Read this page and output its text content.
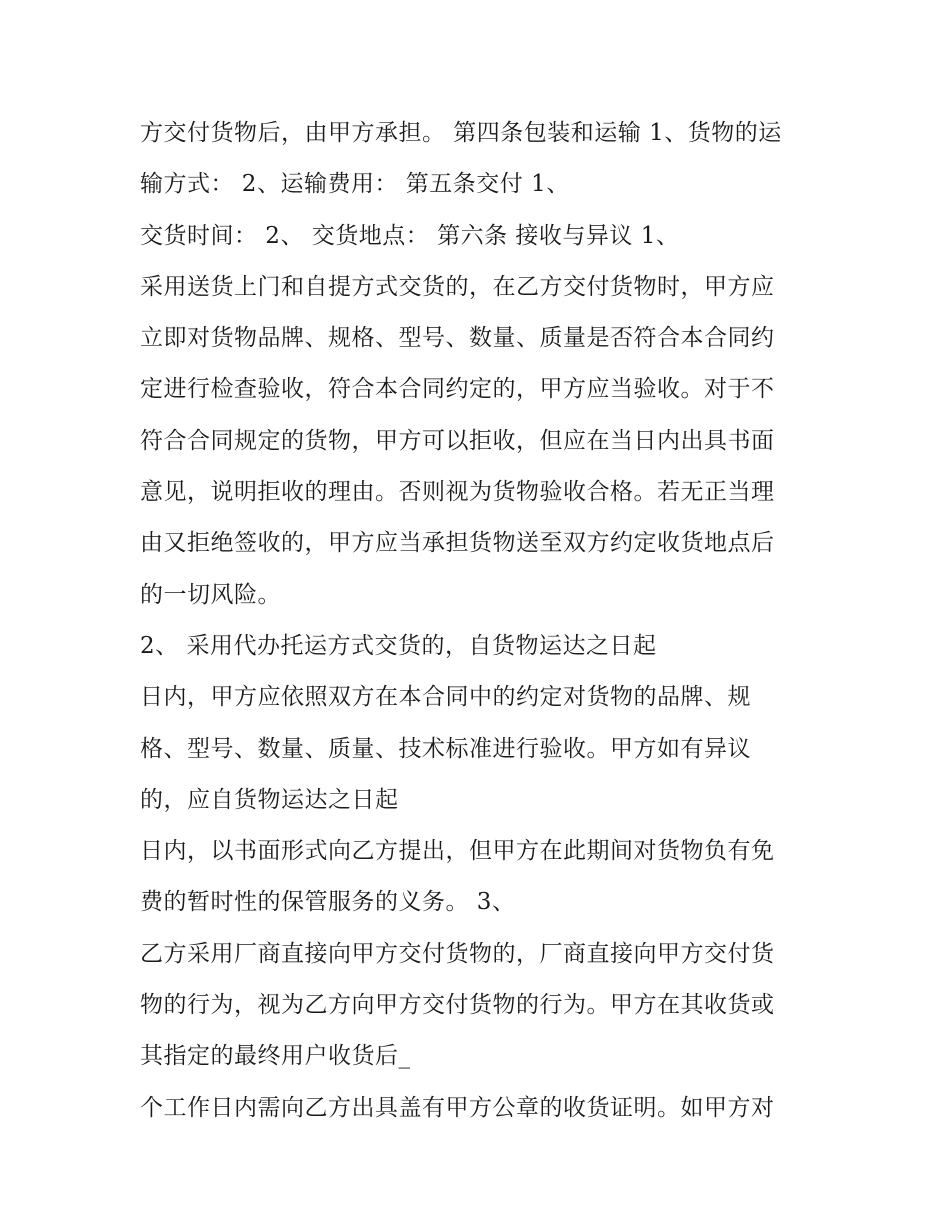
方交付货物后，由甲方承担。 第四条包装和运输 1、货物的运
输方式： 2、运输费用： 第五条交付 1、
交货时间： 2、 交货地点： 第六条 接收与异议 1、
采用送货上门和自提方式交货的，在乙方交付货物时，甲方应
立即对货物品牌、规格、型号、数量、质量是否符合本合同约
定进行检查验收，符合本合同约定的，甲方应当验收。对于不
符合合同规定的货物，甲方可以拒收，但应在当日内出具书面
意见，说明拒收的理由。否则视为货物验收合格。若无正当理
由又拒绝签收的，甲方应当承担货物送至双方约定收货地点后
的一切风险。
2、 采用代办托运方式交货的，自货物运达之日起
日内，甲方应依照双方在本合同中的约定对货物的品牌、规
格、型号、数量、质量、技术标准进行验收。甲方如有异议
的，应自货物运达之日起
日内，以书面形式向乙方提出，但甲方在此期间对货物负有免
费的暂时性的保管服务的义务。 3、
乙方采用厂商直接向甲方交付货物的，厂商直接向甲方交付货
物的行为，视为乙方向甲方交付货物的行为。甲方在其收货或
其指定的最终用户收货后_
个工作日内需向乙方出具盖有甲方公章的收货证明。如甲方对
